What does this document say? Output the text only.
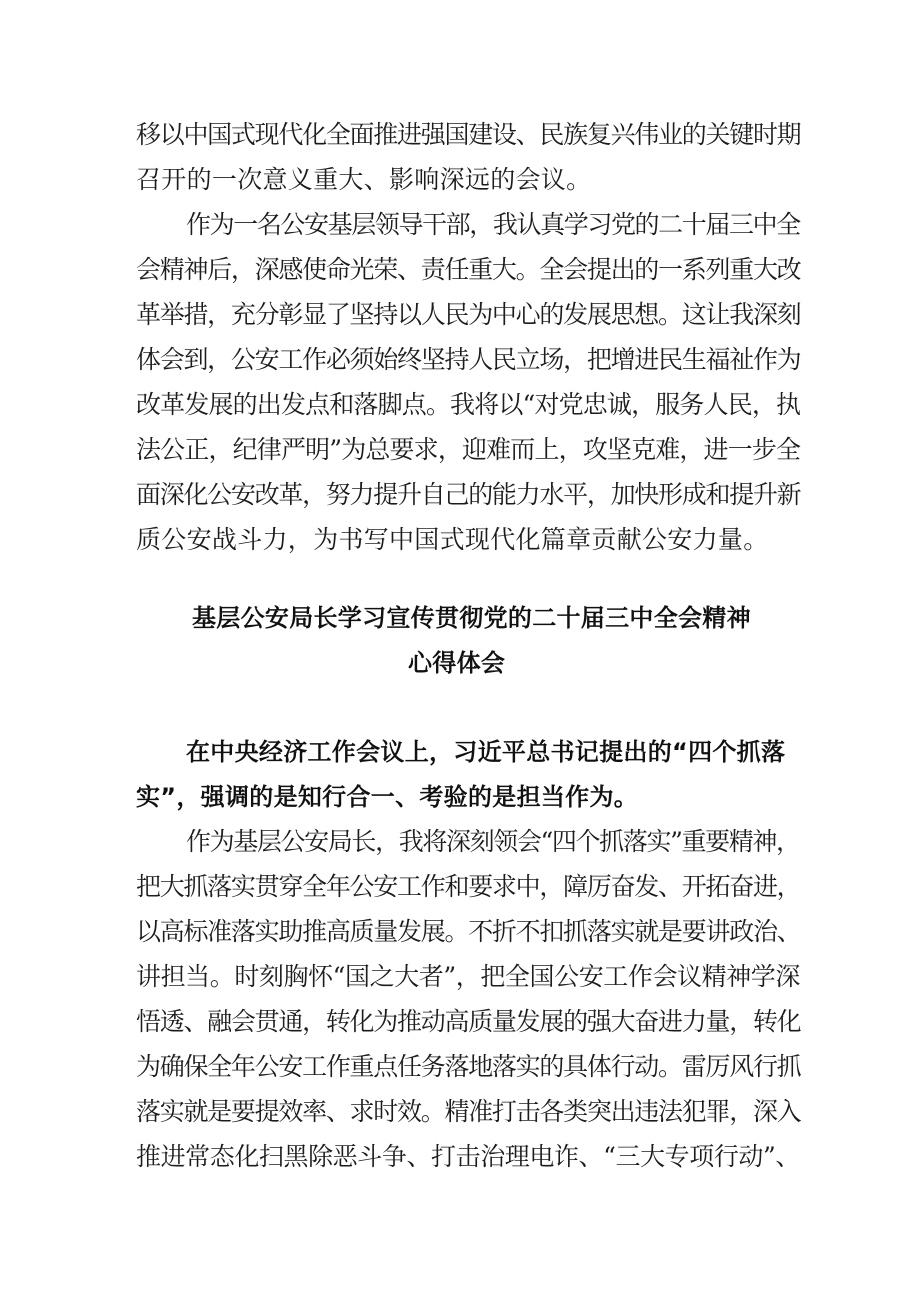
移以中国式现代化全面推进强国建设、民族复兴伟业的关键时期
召开的一次意义重大、影响深远的会议。
作为一名公安基层领导干部，我认真学习党的二十届三中全
会精神后，深感使命光荣、责任重大。全会提出的一系列重大改
革举措，充分彰显了坚持以人民为中心的发展思想。这让我深刻
体会到，公安工作必须始终坚持人民立场，把增进民生福祉作为
改革发展的出发点和落脚点。我将以“对党忠诚，服务人民，执
法公正，纪律严明”为总要求，迎难而上，攻坚克难，进一步全
面深化公安改革，努力提升自己的能力水平，加快形成和提升新
质公安战斗力，为书写中国式现代化篇章贡献公安力量。
基层公安局长学习宣传贯彻党的二十届三中全会精神
心得体会
在中央经济工作会议上，习近平总书记提出的“四个抓落
实”，强调的是知行合一、考验的是担当作为。
作为基层公安局长，我将深刻领会“四个抓落实”重要精神，
把大抓落实贯穿全年公安工作和要求中，障厉奋发、开拓奋进，
以高标准落实助推高质量发展。不折不扣抓落实就是要讲政治、
讲担当。时刻胸怀“国之大者”，把全国公安工作会议精神学深
悟透、融会贯通，转化为推动高质量发展的强大奋进力量，转化
为确保全年公安工作重点任务落地落实的具体行动。雷厉风行抓
落实就是要提效率、求时效。精准打击各类突出违法犯罪，深入
推进常态化扫黑除恶斗争、打击治理电诈、“三大专项行动”、
